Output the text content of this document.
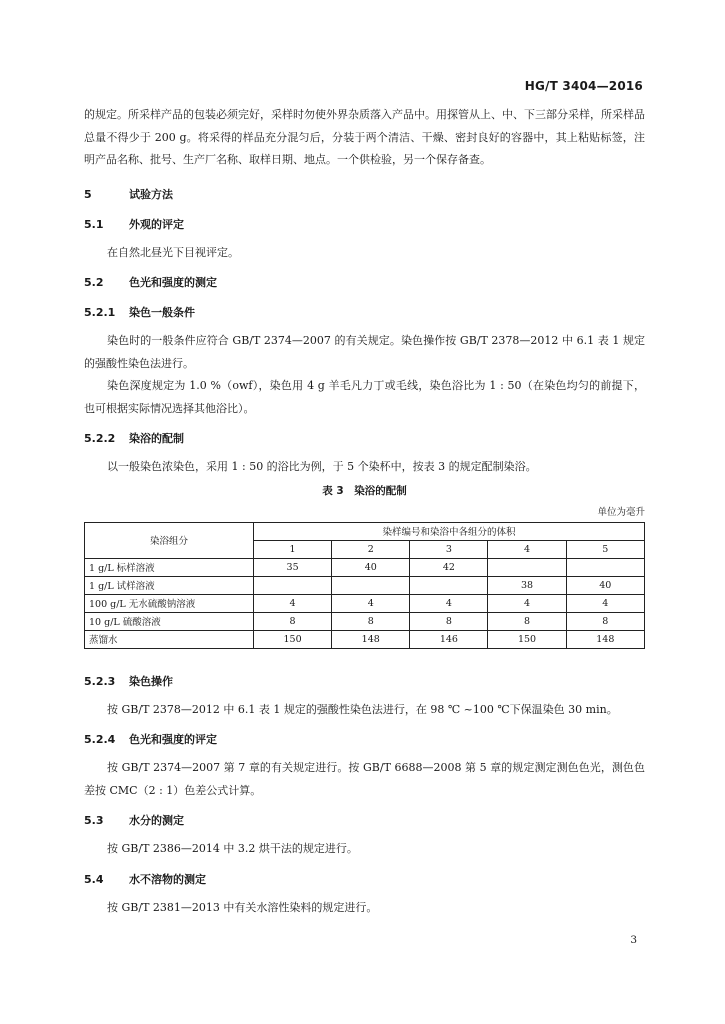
HG/T 3404—2016

的规定。所采样产品的包装必须完好，采样时勿使外界杂质落入产品中。用探管从上、中、下三部分采样，所采样品总量不得少于 200 g。将采得的样品充分混匀后，分装于两个清洁、干燥、密封良好的容器中，其上粘贴标签，注明产品名称、批号、生产厂名称、取样日期、地点。一个供检验，另一个保存备查。

5	试验方法

5.1 外观的评定

在自然北昼光下目视评定。

5.2 色光和强度的测定

5.2.1 染色一般条件

染色时的一般条件应符合 GB/T 2374—2007 的有关规定。染色操作按 GB/T 2378—2012 中 6.1 表 1 规定的强酸性染色法进行。

染色深度规定为 1.0 %（owf），染色用 4 g 羊毛凡力丁或毛线，染色浴比为 1 : 50（在染色均匀的前提下，也可根据实际情况选择其他浴比）。

5.2.2 染浴的配制

以一般染色浓染色，采用 1 : 50 的浴比为例，于 5 个染杯中，按表 3 的规定配制染浴。

表 3　染浴的配制
单位为毫升
染浴组分	染样编号和染浴中各组分的体积				
	1	2	3	4	5
1 g/L 标样溶液	35	40	42		
1 g/L 试样溶液				38	40
100 g/L 无水硫酸钠溶液	4	4	4	4	4
10 g/L 硫酸溶液	8	8	8	8	8
蒸馏水	150	148	146	150	148

5.2.3 染色操作

按 GB/T 2378—2012 中 6.1 表 1 规定的强酸性染色法进行，在 98 ℃ ~100 ℃下保温染色 30 min。

5.2.4 色光和强度的评定

按 GB/T 2374—2007 第 7 章的有关规定进行。按 GB/T 6688—2008 第 5 章的规定测定测色色光，测色色差按 CMC（2 : 1）色差公式计算。

5.3 水分的测定

按 GB/T 2386—2014 中 3.2 烘干法的规定进行。

5.4 水不溶物的测定

按 GB/T 2381—2013 中有关水溶性染料的规定进行。

3
